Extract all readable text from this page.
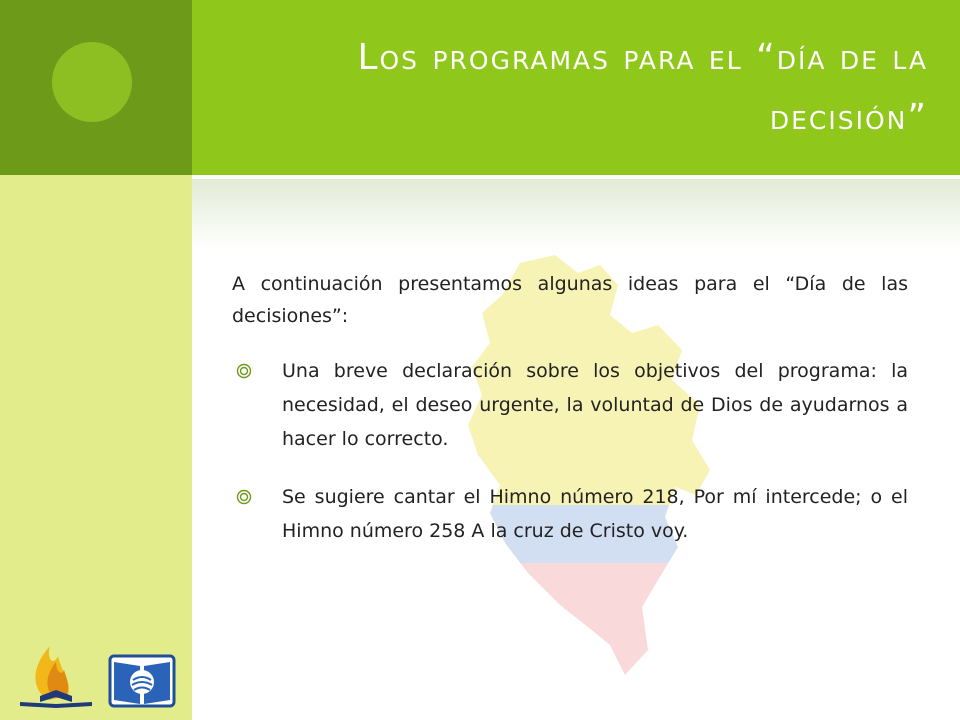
Los programas para el “día de la decisión”

A continuación presentamos algunas ideas para el “Día de las decisiones”:

Una breve declaración sobre los objetivos del programa: la necesidad, el deseo urgente, la voluntad de Dios de ayudarnos a hacer lo correcto.
Se sugiere cantar el Himno número 218, Por mí intercede; o el Himno número 258 A la cruz de Cristo voy.
